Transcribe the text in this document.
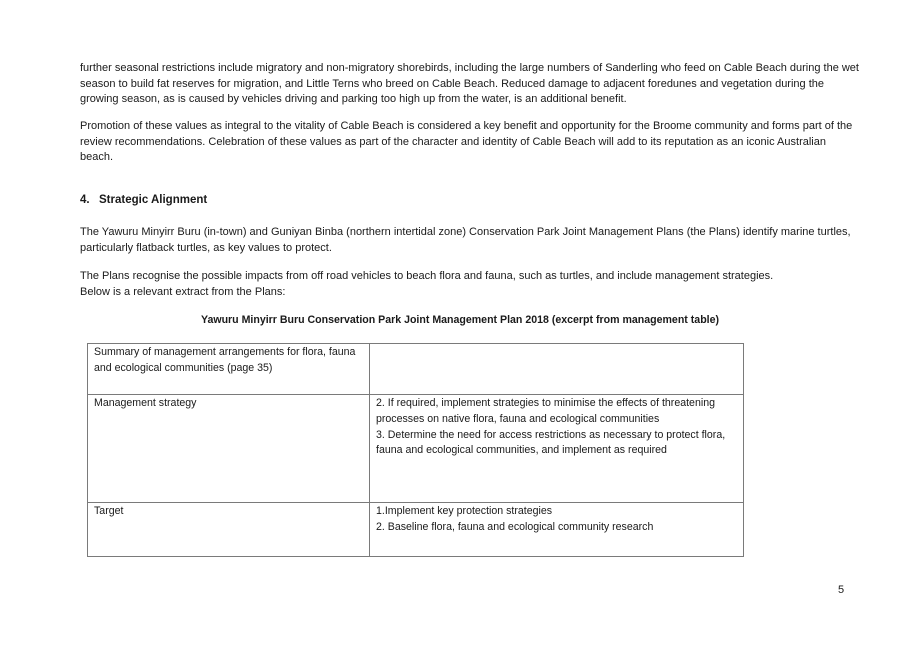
further seasonal restrictions include migratory and non-migratory shorebirds, including the large numbers of Sanderling who feed on Cable Beach during the wet season to build fat reserves for migration, and Little Terns who breed on Cable Beach. Reduced damage to adjacent foredunes and vegetation during the growing season, as is caused by vehicles driving and parking too high up from the water, is an additional benefit.

Promotion of these values as integral to the vitality of Cable Beach is considered a key benefit and opportunity for the Broome community and forms part of the review recommendations. Celebration of these values as part of the character and identity of Cable Beach will add to its reputation as an iconic Australian beach.

4. Strategic Alignment

The Yawuru Minyirr Buru (in-town) and Guniyan Binba (northern intertidal zone) Conservation Park Joint Management Plans (the Plans) identify marine turtles, particularly flatback turtles, as key values to protect.

The Plans recognise the possible impacts from off road vehicles to beach flora and fauna, such as turtles, and include management strategies.
Below is a relevant extract from the Plans:

Yawuru Minyirr Buru Conservation Park Joint Management Plan 2018 (excerpt from management table)

Summary of management arrangements for flora, fauna and ecological communities (page 35)	
Management strategy	2. If required, implement strategies to minimise the effects of threatening processes on native flora, fauna and ecological communities
3. Determine the need for access restrictions as necessary to protect flora, fauna and ecological communities, and implement as required

Target	1.Implement key protection strategies
2. Baseline flora, fauna and ecological community research
5
